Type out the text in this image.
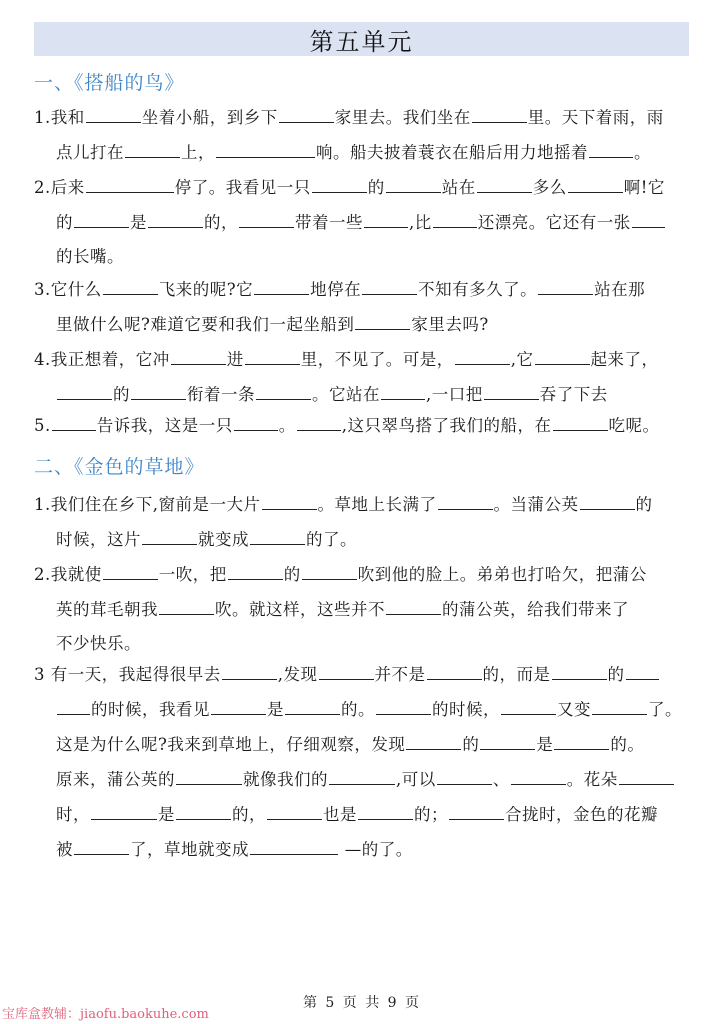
第五单元
一、《搭船的鸟》
1.我和	坐着小船，到乡下	家里去。我们坐在	里。天下着雨，雨
点儿打在	上，	响。船夫披着蓑衣在船后用力地摇着	。
2.后来	停了。我看见一只	的	站在	多么	啊!它
的	是	的，	带着一些	,比	还漂亮。它还有一张
的长嘴。
3.它什么	飞来的呢?它	地停在	不知有多久了。	站在那
里做什么呢?难道它要和我们一起坐船到	家里去吗?
4.我正想着，它冲	进	里，不见了。可是，	,它	起来了，
的	衔着一条	。它站在	,一口把	吞了下去
5.	告诉我，这是一只	。	,这只翠鸟搭了我们的船，在	吃呢。
二、《金色的草地》
1.我们住在乡下,窗前是一大片	。草地上长满了	。当蒲公英	的
时候，这片	就变成	的了。
2.我就使	一吹，把	的	吹到他的脸上。弟弟也打哈欠，把蒲公
英的茸毛朝我	吹。就这样，这些并不	的蒲公英，给我们带来了
不少快乐。
3 有一天，我起得很早去	,发现	并不是	的，而是	的
的时候，我看见	是	的。	的时候，	又变	了。
这是为什么呢?我来到草地上，仔细观察，发现	的	是	的。
原来，蒲公英的	就像我们的	,可以	、	。花朵
时，	是	的，	也是	的；	合拢时，金色的花瓣
被	了，草地就变成	—的了。
第 5 页 共 9 页
宝库盒教辅：jiaofu.baokuhe.com
